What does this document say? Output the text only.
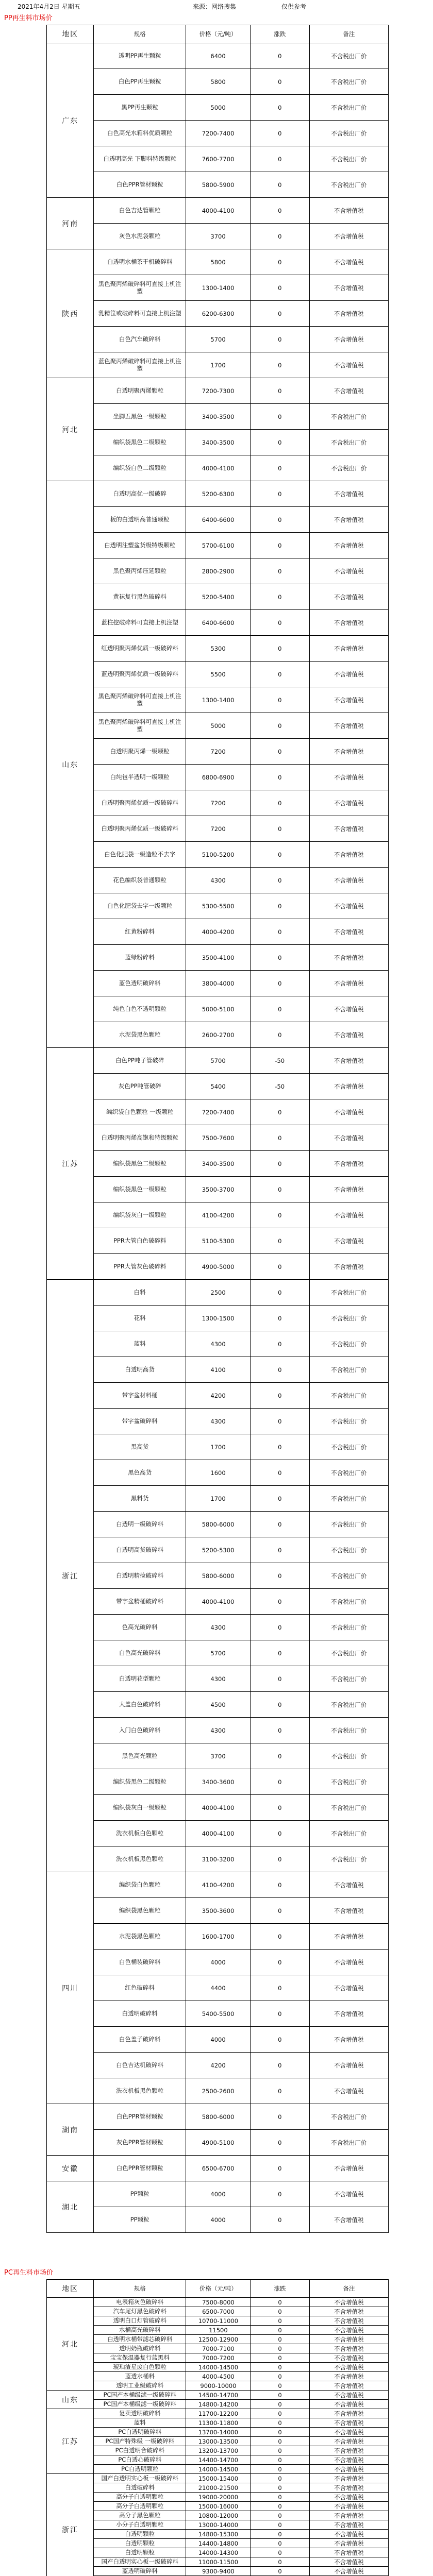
2021年4月2日 星期五	来源：网络搜集	仅供参考
PP再生料市场价
地区	规格	价格（元/吨）	涨跌	备注
广东	透明PP再生颗粒	6400	0	不含税出厂价
	白色PP再生颗粒	5800	0	不含税出厂价
	黑PP再生颗粒	5000	0	不含税出厂价
	白色高光水箱料优质颗粒	7200-7400	0	不含税出厂价
	白透明高光 下脚料特级颗粒	7600-7700	0	不含税出厂价
	白色PPR管材颗粒	5800-5900	0	不含税出厂价
河南	白色吉达管颗粒	4000-4100	0	不含增值税
	灰色水泥袋颗粒	3700	0	不含增值税
陕西	白透明水桶茶于机破碎料	5800	0	不含增值税
	黑色聚丙烯破碎料可直接上机注塑	1300-1400	0	不含增值税
	乳精筐或破碎料可直接上机注塑	6200-6300	0	不含增值税
	白色汽车破碎料	5700	0	不含增值税
	蓝色聚丙烯破碎料可直接上机注塑	1700	0	不含增值税
河北	白透明聚丙烯颗粒	7200-7300	0	不含增值税
	坐脚五黑色一级颗粒	3400-3500	0	不含税出厂价
	编织袋黑色二级颗粒	3400-3500	0	不含税出厂价
	编织袋白色二级颗粒	4000-4100	0	不含税出厂价
山东	白透明高优一级破碎	5200-6300	0	不含增值税
	板的白透明高普通颗粒	6400-6600	0	不含增值税
	白透明注塑盆货级特级颗粒	5700-6100	0	不含增值税
	黑色聚丙烯压延颗粒	2800-2900	0	不含增值税
	黄袜复行黑色破碎料	5200-5400	0	不含增值税
	蓝柱挖破碎料可直接上机注塑	6400-6600	0	不含增值税
	红透明聚丙烯优质一级破碎料	5300	0	不含增值税
	蓝透明聚丙烯优质一级破碎料	5500	0	不含增值税
	黑色聚丙烯破碎料可直接上机注塑	1300-1400	0	不含增值税
	黑色聚丙烯破碎料可直接上机注塑	5000	0	不含增值税
	白透明聚丙烯一级颗粒	7200	0	不含增值税
	白纯包半透明一级颗粒	6800-6900	0	不含增值税
	白透明聚丙烯优质一级破碎料	7200	0	不含增值税
	白透明聚丙烯优质一级破碎料	7200	0	不含增值税
	白色化肥袋一级造粒不去字	5100-5200	0	不含增值税
	花色编织袋普通颗粒	4300	0	不含增值税
	白色化肥袋去字一级颗粒	5300-5500	0	不含增值税
	红黄粉碎料	4000-4200	0	不含增值税
	蓝绿粉碎料	3500-4100	0	不含增值税
	蓝色透明破碎料	3800-4000	0	不含增值税
	纯色白色不透明颗粒	5000-5100	0	不含增值税
	水泥袋黑色颗粒	2600-2700	0	不含增值税
江苏	白色PP吨子管破碎	5700	-50	不含增值税
	灰色PP吨管破碎	5400	-50	不含增值税
	编织袋白色颗粒 一级颗粒	7200-7400	0	不含增值税
	白透明聚丙烯高饱和特级颗粒	7500-7600	0	不含增值税
	编织袋黑色二级颗粒	3400-3500	0	不含增值税
	编织袋黑色一级颗粒	3500-3700	0	不含增值税
	编织袋灰白一级颗粒	4100-4200	0	不含增值税
	PPR大管白色破碎料	5100-5300	0	不含增值税
	PPR大管灰色破碎料	4900-5000	0	不含增值税
浙江	白料	2500	0	不含税出厂价
	花料	1300-1500	0	不含税出厂价
	蓝料	4300	0	不含税出厂价
	白透明高货	4100	0	不含税出厂价
	带字盆材料桶	4200	0	不含税出厂价
	带字盆破碎料	4300	0	不含税出厂价
	黑高货	1700	0	不含税出厂价
	黑色高货	1600	0	不含税出厂价
	黑料货	1700	0	不含税出厂价
	白透明一级破碎料	5800-6000	0	不含税出厂价
	白透明高货破碎料	5200-5300	0	不含税出厂价
	白透明精捡破碎料	5800-6000	0	不含税出厂价
	带字盆精桶破碎料	4000-4100	0	不含税出厂价
	色高光破碎料	4300	0	不含税出厂价
	白色高光破碎料	5700	0	不含税出厂价
	白透明花型颗粒	4300	0	不含税出厂价
	大盖白色破碎料	4500	0	不含税出厂价
	入门白色破碎料	4300	0	不含税出厂价
	黑色高光颗粒	3700	0	不含税出厂价
	编织袋黑色二级颗粒	3400-3600	0	不含税出厂价
	编织袋灰白一级颗粒	4000-4100	0	不含税出厂价
	洗衣机板白色颗粒	4000-4100	0	不含税出厂价
	洗衣机板黑色颗粒	3100-3200	0	不含税出厂价
四川	编织袋白色颗粒	4100-4200	0	不含增值税
	编织袋黑色颗粒	3500-3600	0	不含增值税
	水泥袋黑色颗粒	1600-1700	0	不含增值税
	白色桶装破碎料	4000	0	不含增值税
	红色破碎料	4400	0	不含增值税
	白透明破碎料	5400-5500	0	不含增值税
	白色盖子破碎料	4000	0	不含增值税
	白色吉达机破碎料	4200	0	不含增值税
	洗衣机板黑色颗粒	2500-2600	0	不含增值税
湖南	白色PPR管材颗粒	5800-6000	0	不含税出厂价
	灰色PPR管材颗粒	4900-5100	0	不含税出厂价
安徽	白色PPR管材颗粒	6500-6700	0	不含增值税
湖北	PP颗粒	4000	0	不含增值税
	PP颗粒	4000	0	不含增值税
PC再生料市场价
地区	规格	价格（元/吨）	涨跌	备注
河北	电表箱灰色破碎料	7500-8000	0	不含增值税
	汽车尾灯黑色破碎料	6500-7000	0	不含增值税
	透明白口灯管破碎料	10700-11000	0	不含增值税
	水桶高光破碎料	11500	0	不含增值税
	白透明水桶带滤芯破碎料	12500-12900	0	不含增值税
	透明奶瓶破碎料	7000-7100	0	不含增值税
	宝宝保温器复行蓝黑料	7000-7200	0	不含增值税
	琥珀渣星废白色颗粒	14000-14500	0	不含增值税
	蓝透水桶料	4000-4500	0	不含增值税
	透明工业级破碎料	9000-10000	0	不含增值税
山东	PC国产本桶级滤一级破碎料	14500-14700	0	不含增值税
	PC国产本桶级滤一级破碎料	14800-14200	0	不含增值税
江苏	复卖透明破碎料	11700-12200	0	不含增值税
	蓝料	11300-11800	0	不含增值税
	PC白透明破碎料	13700-14000	0	不含增值税
	PC国产特殊级 一级破碎料	13000-13500	0	不含增值税
	PC白透明合破碎料	13200-13700	0	不含增值税
	PC白透心破碎料	14400-14700	0	不含增值税
	PC白透明颗粒	14000-14500	0	不含增值税
浙江	国产白透明实心板一级破碎料	15000-15400	0	不含增值税
	白透破碎料	21000-21500	0	不含增值税
	高分子白透明颗粒	19000-20000	0	不含增值税
	高分子白透明颗粒	15000-16000	0	不含增值税
	高分子黑色颗粒	10800-12000	0	不含增值税
	小分子白透明颗粒	13000-14000	0	不含增值税
	白透明颗粒	14800-15300	0	不含增值税
	白透明颗粒	14400-14800	0	不含增值税
	白透明颗粒	14000-14300	0	不含增值税
	国产白透明实心板一级破碎料	11000-11500	0	不含增值税
	蓝透明破碎料	9300-9400	0	不含增值税
